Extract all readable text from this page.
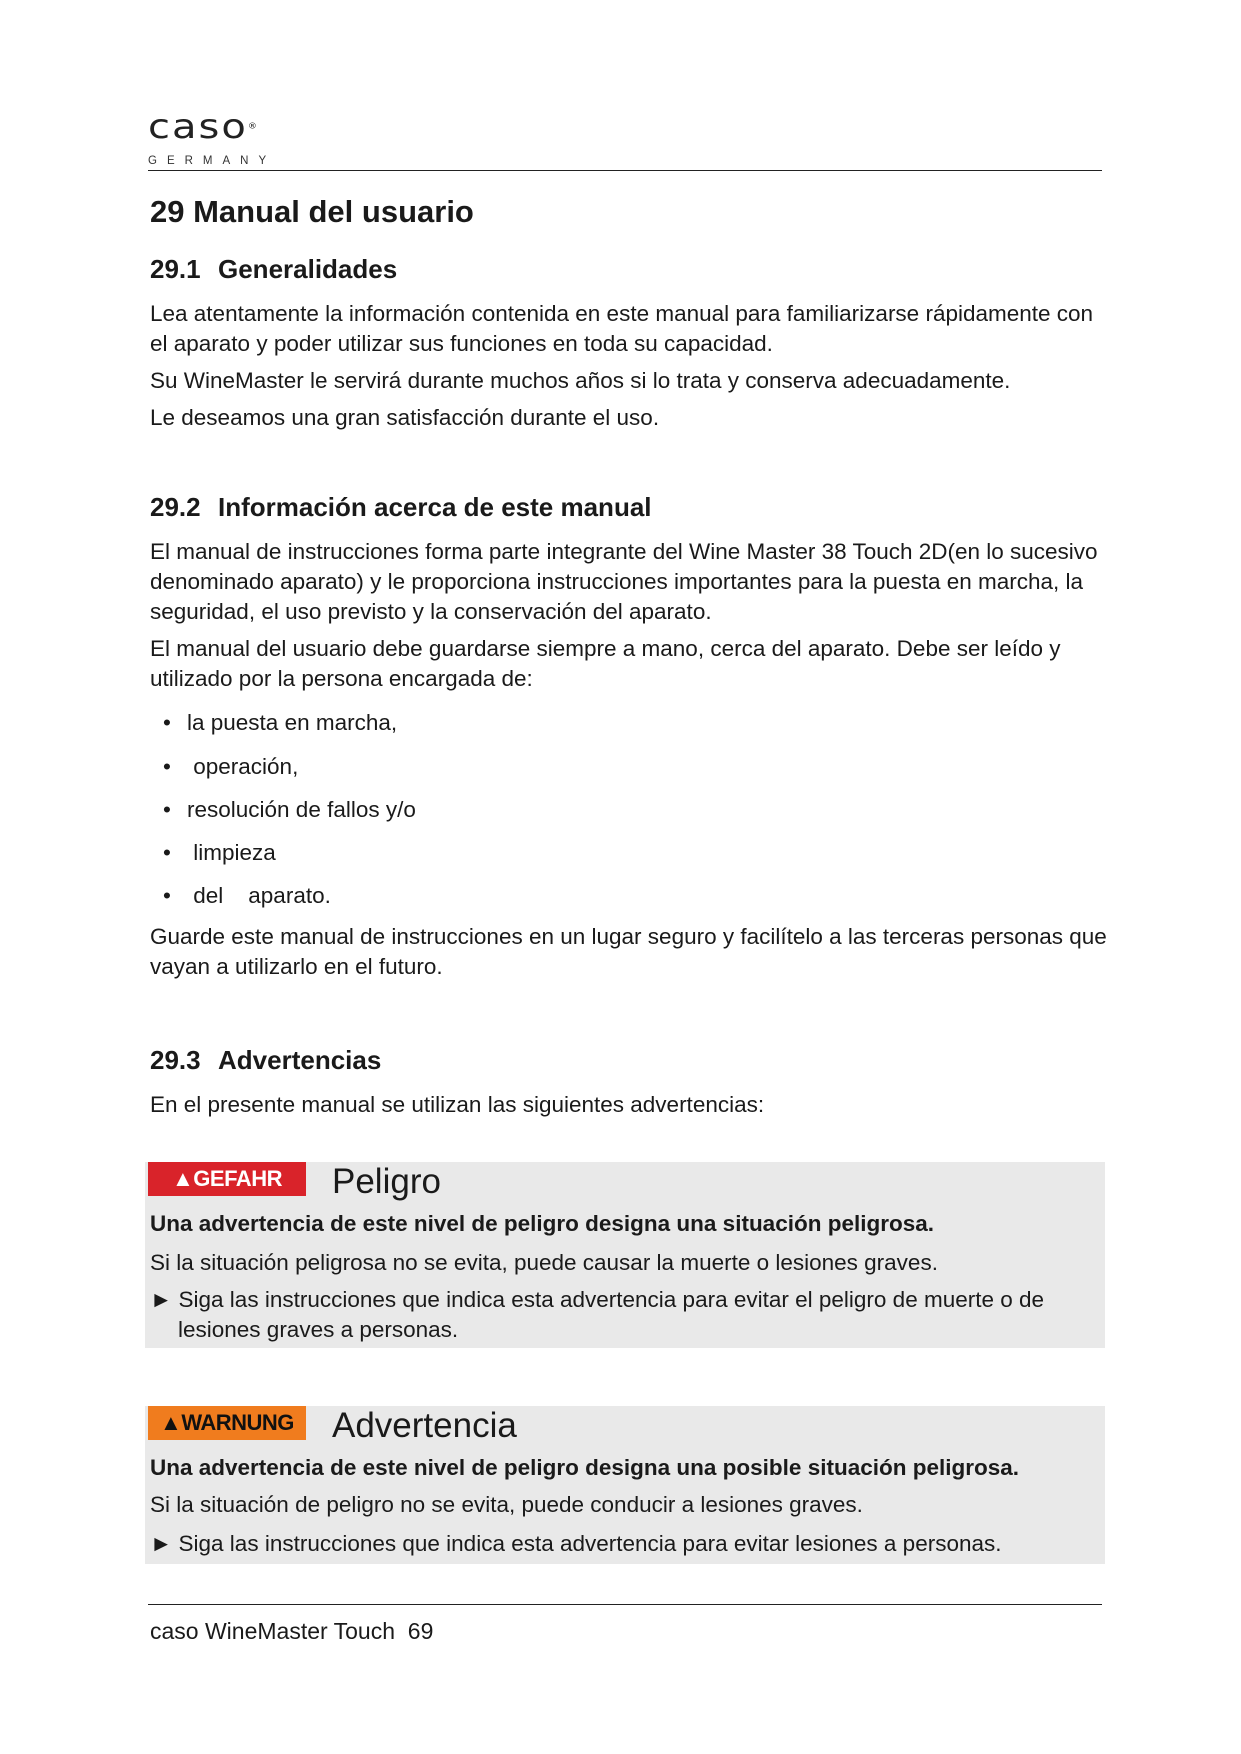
caso®
GERMANY
29 Manual del usuario
29.1 Generalidades
Lea atentamente la información contenida en este manual para familiarizarse rápidamente con el aparato y poder utilizar sus funciones en toda su capacidad.
Su WineMaster le servirá durante muchos años si lo trata y conserva adecuadamente.
Le deseamos una gran satisfacción durante el uso.
29.2 Información acerca de este manual
El manual de instrucciones forma parte integrante del Wine Master 38 Touch 2D(en lo sucesivo denominado aparato) y le proporciona instrucciones importantes para la puesta en marcha, la seguridad, el uso previsto y la conservación del aparato.
El manual del usuario debe guardarse siempre a mano, cerca del aparato. Debe ser leído y utilizado por la persona encargada de:
• la puesta en marcha,
• operación,
• resolución de fallos y/o
• limpieza
• del    aparato.
Guarde este manual de instrucciones en un lugar seguro y facilítelo a las terceras personas que vayan a utilizarlo en el futuro.
29.3 Advertencias
En el presente manual se utilizan las siguientes advertencias:
▲GEFAHR	Peligro
Una advertencia de este nivel de peligro designa una situación peligrosa.
Si la situación peligrosa no se evita, puede causar la muerte o lesiones graves.
► Siga las instrucciones que indica esta advertencia para evitar el peligro de muerte o de lesiones graves a personas.
▲WARNUNG	Advertencia
Una advertencia de este nivel de peligro designa una posible situación peligrosa.
Si la situación de peligro no se evita, puede conducir a lesiones graves.
► Siga las instrucciones que indica esta advertencia para evitar lesiones a personas.
caso WineMaster Touch  69
